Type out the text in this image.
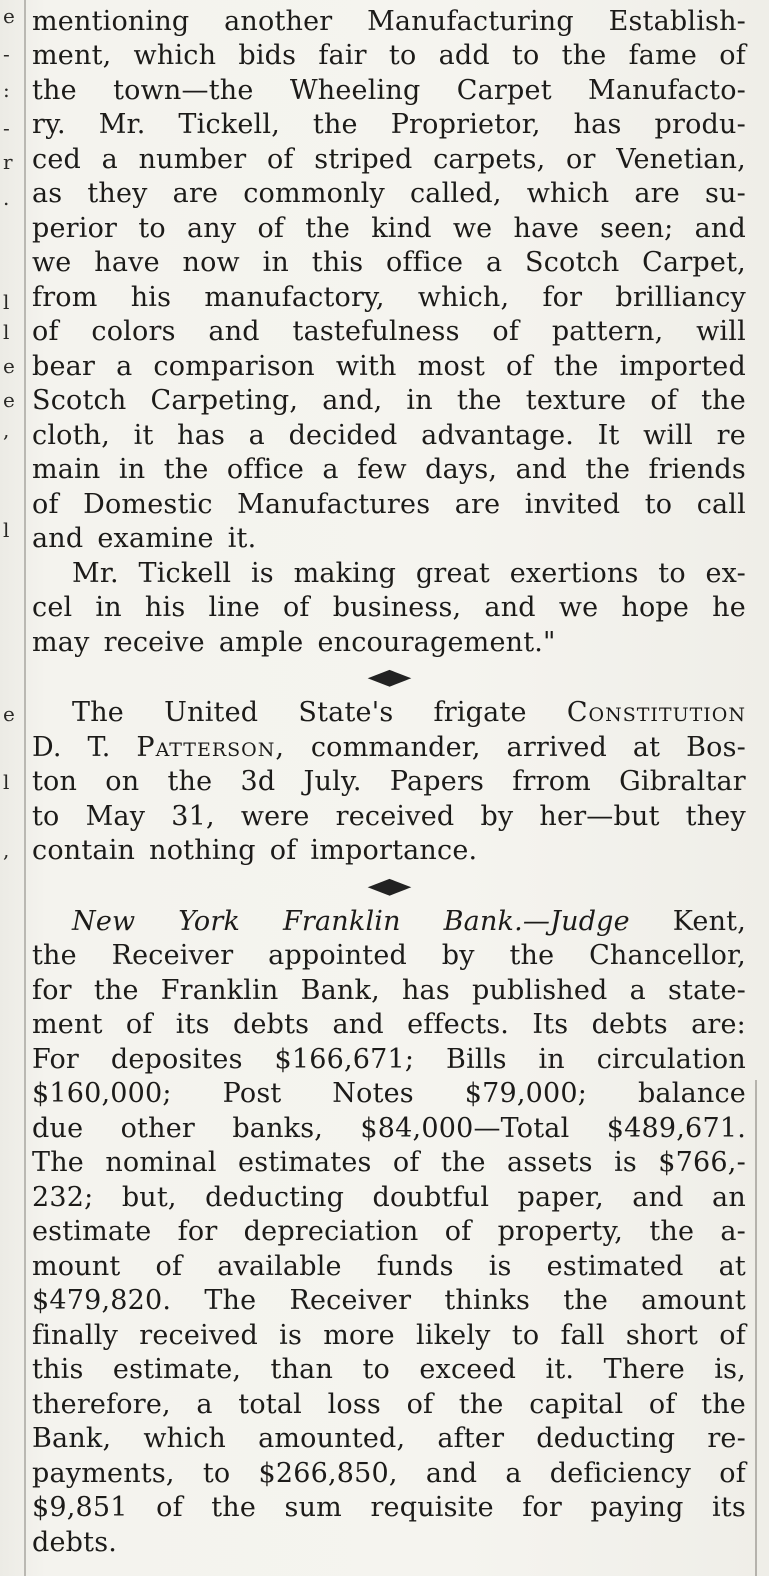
e
-
:
-
r
.
l
l
e
e
,
l
e
l
,
mentioning another Manufacturing Establish-
ment, which bids fair to add to the fame of
the town—the Wheeling Carpet Manufacto-
ry. Mr. Tickell, the Proprietor, has produ-
ced a number of striped carpets, or Venetian,
as they are commonly called, which are su-
perior to any of the kind we have seen; and
we have now in this office a Scotch Carpet,
from his manufactory, which, for brilliancy
of colors and tastefulness of pattern, will
bear a comparison with most of the imported
Scotch Carpeting, and, in the texture of the
cloth, it has a decided advantage. It will re
main in the office a few days, and the friends
of Domestic Manufactures are invited to call
and examine it.
Mr. Tickell is making great exertions to ex-
cel in his line of business, and we hope he
may receive ample encouragement."
◆
The United State's frigate Constitution
D. T. Patterson, commander, arrived at Bos-
ton on the 3d July. Papers frrom Gibraltar
to May 31, were received by her—but they
contain nothing of importance.
◆
New York Franklin Bank.—Judge Kent,
the Receiver appointed by the Chancellor,
for the Franklin Bank, has published a state-
ment of its debts and effects. Its debts are:
For deposites $166,671; Bills in circulation
$160,000; Post Notes $79,000; balance
due other banks, $84,000—Total $489,671.
The nominal estimates of the assets is $766,-
232; but, deducting doubtful paper, and an
estimate for depreciation of property, the a-
mount of available funds is estimated at
$479,820. The Receiver thinks the amount
finally received is more likely to fall short of
this estimate, than to exceed it. There is,
therefore, a total loss of the capital of the
Bank, which amounted, after deducting re-
payments, to $266,850, and a deficiency of
$9,851 of the sum requisite for paying its
debts.
